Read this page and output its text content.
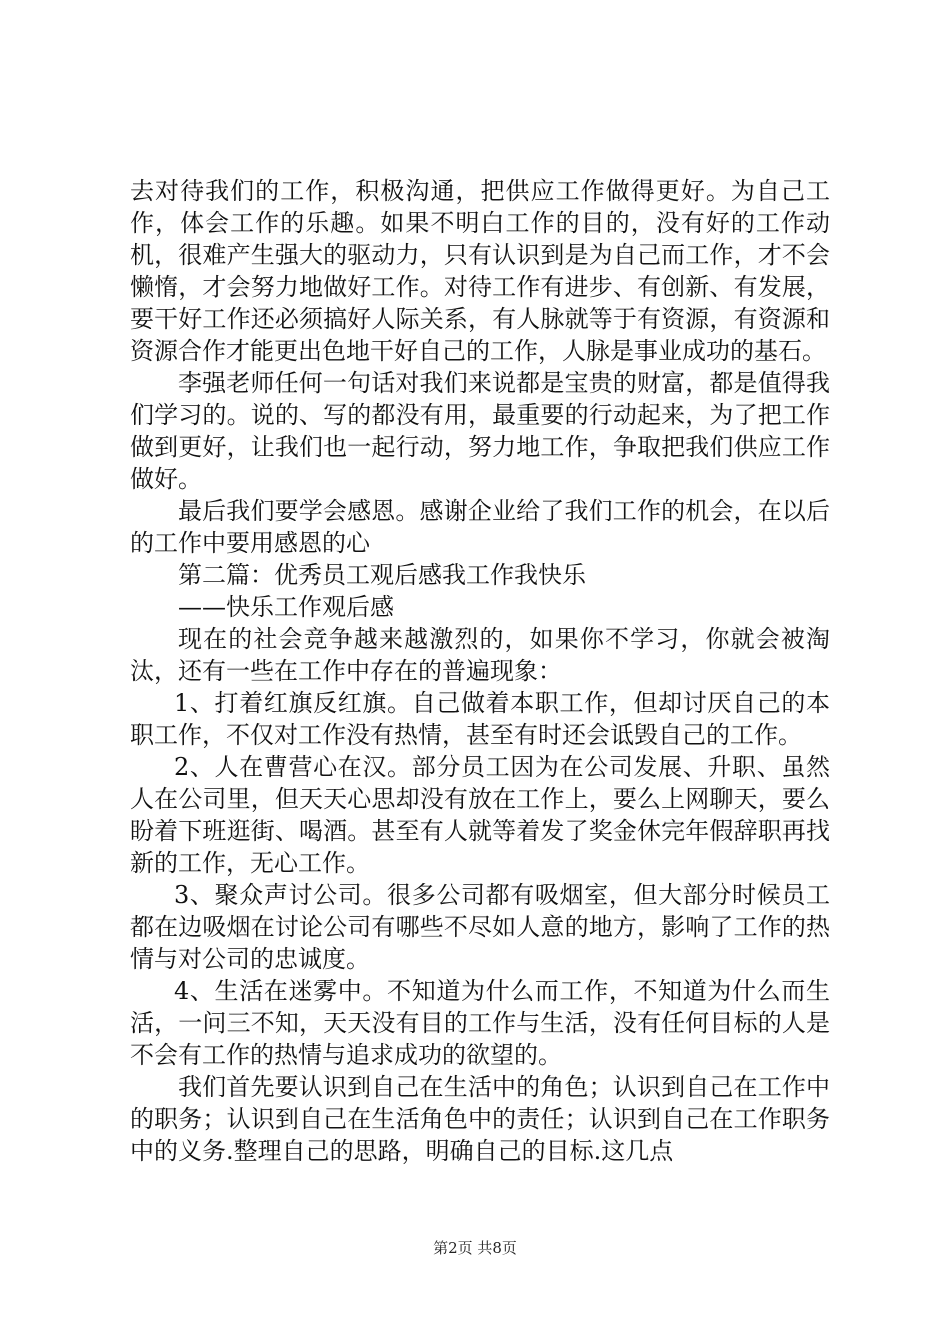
去对待我们的工作，积极沟通，把供应工作做得更好。为自己工作，体会工作的乐趣。如果不明白工作的目的，没有好的工作动机，很难产生强大的驱动力，只有认识到是为自己而工作，才不会懒惰，才会努力地做好工作。对待工作有进步、有创新、有发展，要干好工作还必须搞好人际关系，有人脉就等于有资源，有资源和资源合作才能更出色地干好自己的工作，人脉是事业成功的基石。

李强老师任何一句话对我们来说都是宝贵的财富，都是值得我们学习的。说的、写的都没有用，最重要的行动起来，为了把工作做到更好，让我们也一起行动，努力地工作，争取把我们供应工作做好。

最后我们要学会感恩。感谢企业给了我们工作的机会，在以后的工作中要用感恩的心

第二篇：优秀员工观后感我工作我快乐

——快乐工作观后感

现在的社会竞争越来越激烈的，如果你不学习，你就会被淘汰，还有一些在工作中存在的普遍现象：

1、打着红旗反红旗。自己做着本职工作，但却讨厌自己的本职工作，不仅对工作没有热情，甚至有时还会诋毁自己的工作。

2、人在曹营心在汉。部分员工因为在公司发展、升职、虽然人在公司里，但天天心思却没有放在工作上，要么上网聊天，要么盼着下班逛街、喝酒。甚至有人就等着发了奖金休完年假辞职再找新的工作，无心工作。

3、聚众声讨公司。很多公司都有吸烟室，但大部分时候员工都在边吸烟在讨论公司有哪些不尽如人意的地方，影响了工作的热情与对公司的忠诚度。

4、生活在迷雾中。不知道为什么而工作，不知道为什么而生活，一问三不知，天天没有目的工作与生活，没有任何目标的人是不会有工作的热情与追求成功的欲望的。

我们首先要认识到自己在生活中的角色；认识到自己在工作中的职务；认识到自己在生活角色中的责任；认识到自己在工作职务中的义务.整理自己的思路，明确自己的目标.这几点

第2页 共8页
